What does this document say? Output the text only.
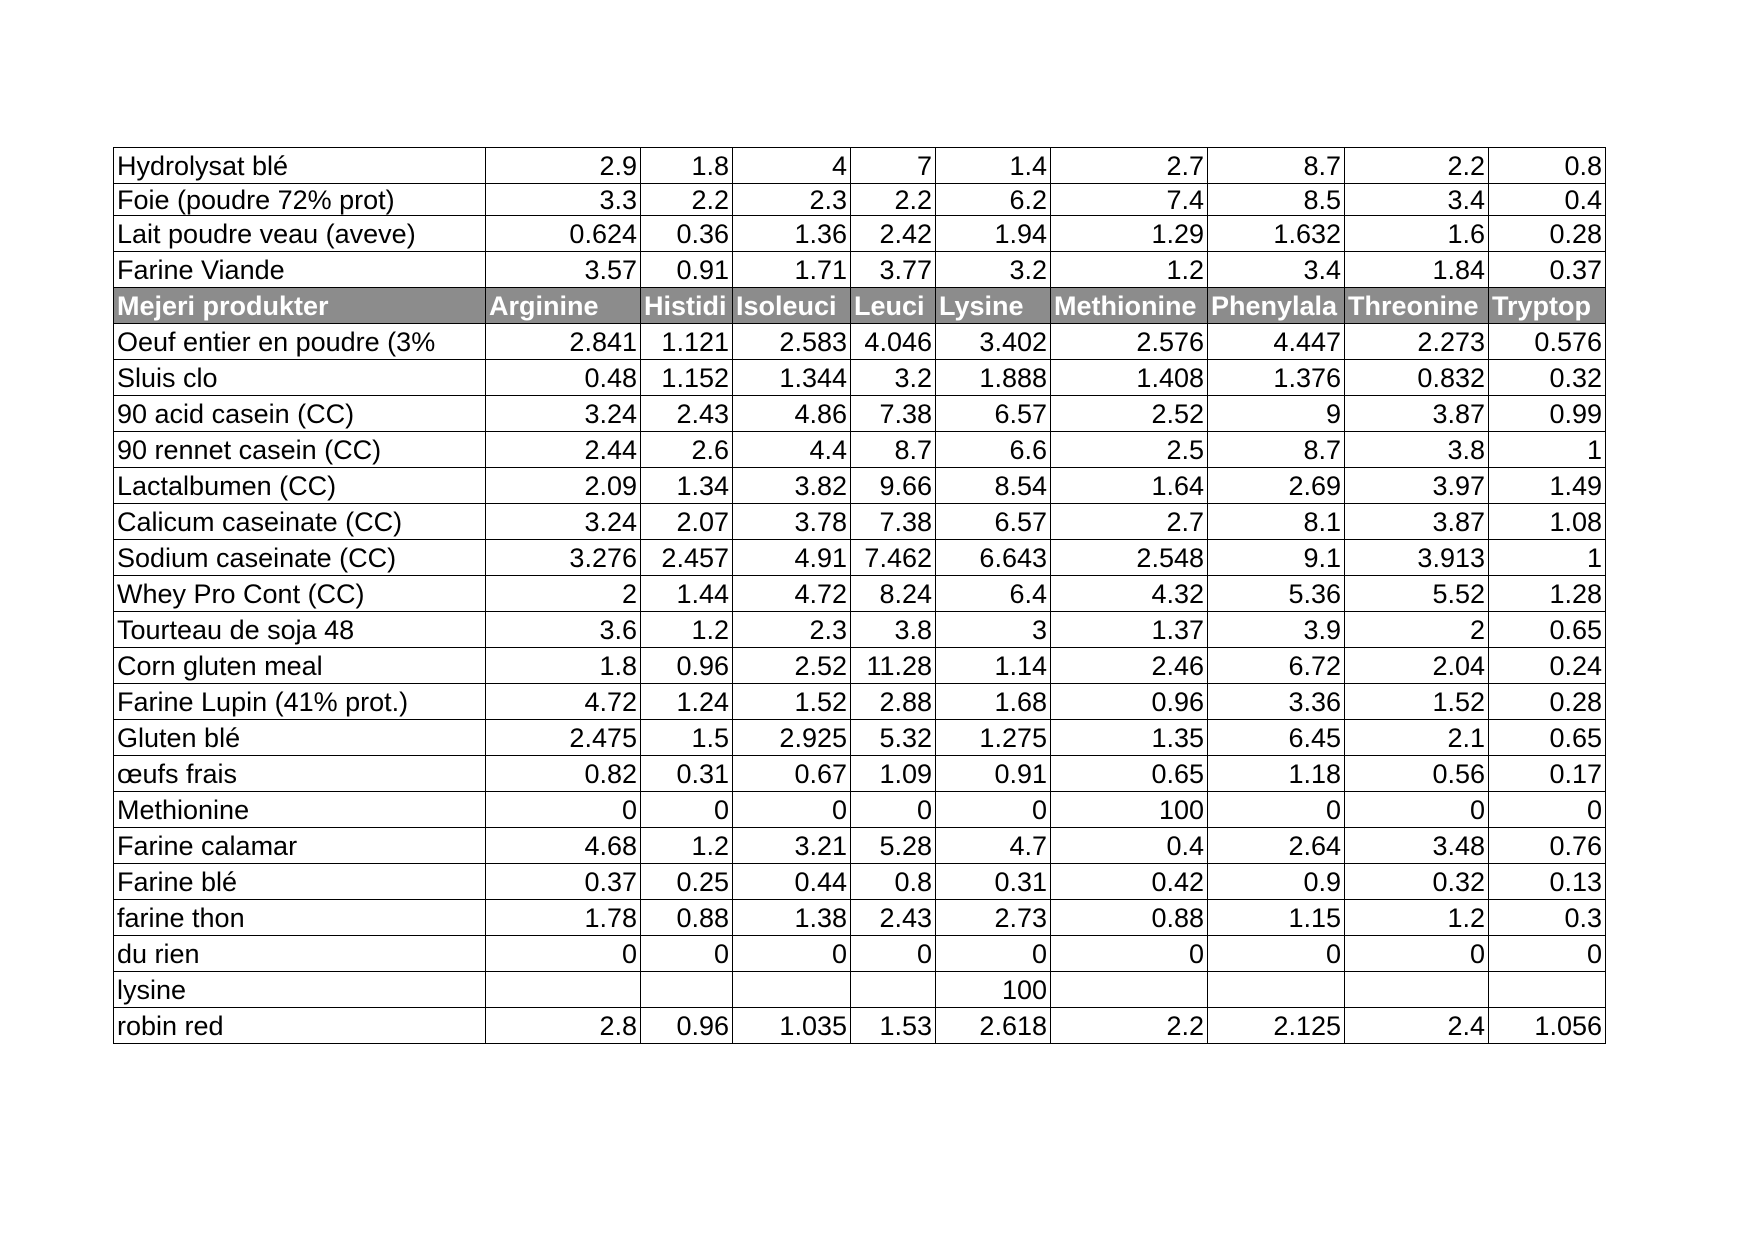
Hydrolysat blé	2.9	1.8	4	7	1.4	2.7	8.7	2.2	0.8
Foie (poudre 72% prot)	3.3	2.2	2.3	2.2	6.2	7.4	8.5	3.4	0.4
Lait poudre veau (aveve)	0.624	0.36	1.36	2.42	1.94	1.29	1.632	1.6	0.28
Farine Viande	3.57	0.91	1.71	3.77	3.2	1.2	3.4	1.84	0.37
Mejeri produkter	Arginine	Histidi	Isoleuci	Leuci	Lysine	Methionine	Phenylala	Threonine	Tryptop
Oeuf entier en poudre (3%	2.841	1.121	2.583	4.046	3.402	2.576	4.447	2.273	0.576
Sluis clo	0.48	1.152	1.344	3.2	1.888	1.408	1.376	0.832	0.32
90 acid casein (CC)	3.24	2.43	4.86	7.38	6.57	2.52	9	3.87	0.99
90 rennet casein (CC)	2.44	2.6	4.4	8.7	6.6	2.5	8.7	3.8	1
Lactalbumen (CC)	2.09	1.34	3.82	9.66	8.54	1.64	2.69	3.97	1.49
Calicum caseinate (CC)	3.24	2.07	3.78	7.38	6.57	2.7	8.1	3.87	1.08
Sodium caseinate (CC)	3.276	2.457	4.91	7.462	6.643	2.548	9.1	3.913	1
Whey Pro Cont (CC)	2	1.44	4.72	8.24	6.4	4.32	5.36	5.52	1.28
Tourteau de soja 48	3.6	1.2	2.3	3.8	3	1.37	3.9	2	0.65
Corn gluten meal	1.8	0.96	2.52	11.28	1.14	2.46	6.72	2.04	0.24
Farine Lupin (41% prot.)	4.72	1.24	1.52	2.88	1.68	0.96	3.36	1.52	0.28
Gluten blé	2.475	1.5	2.925	5.32	1.275	1.35	6.45	2.1	0.65
œufs frais	0.82	0.31	0.67	1.09	0.91	0.65	1.18	0.56	0.17
Methionine	0	0	0	0	0	100	0	0	0
Farine calamar	4.68	1.2	3.21	5.28	4.7	0.4	2.64	3.48	0.76
Farine blé	0.37	0.25	0.44	0.8	0.31	0.42	0.9	0.32	0.13
farine thon	1.78	0.88	1.38	2.43	2.73	0.88	1.15	1.2	0.3
du rien	0	0	0	0	0	0	0	0	0
lysine					100				
robin red	2.8	0.96	1.035	1.53	2.618	2.2	2.125	2.4	1.056
